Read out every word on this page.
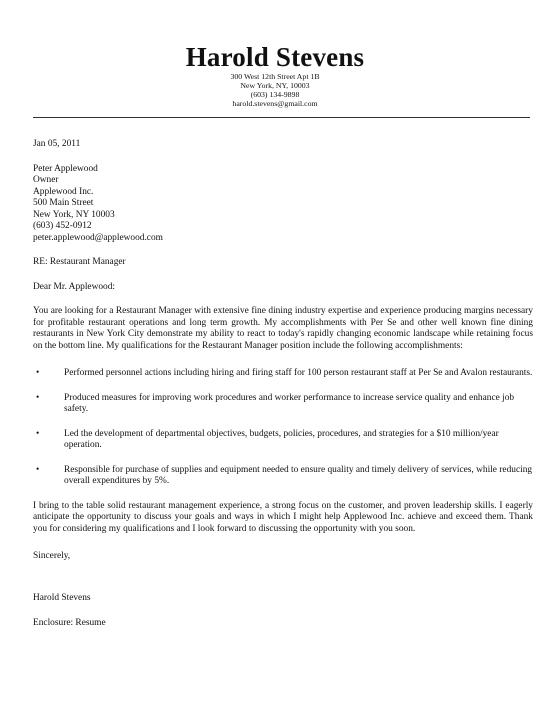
Harold Stevens
300 West 12th Street Apt 1B
New York, NY, 10003
(603) 134-9898
harold.stevens@gmail.com

Jan 05, 2011

Peter Applewood
Owner
Applewood Inc.
500 Main Street
New York, NY 10003
(603) 452-0912
peter.applewood@applewood.com

RE: Restaurant Manager

Dear Mr. Applewood:

You are looking for a Restaurant Manager with extensive fine dining industry expertise and experience producing margins necessary for profitable restaurant operations and long term growth. My accomplishments with Per Se and other well known fine dining restaurants in New York City demonstrate my ability to react to today's rapidly changing economic landscape while retaining focus on the bottom line. My qualifications for the Restaurant Manager position include the following accomplishments:

•	Performed personnel actions including hiring and firing staff for 100 person restaurant staff at Per Se and Avalon restaurants.
•	Produced measures for improving work procedures and worker performance to increase service quality and enhance job safety.
•	Led the development of departmental objectives, budgets, policies, procedures, and strategies for a $10 million/year operation.
•	Responsible for purchase of supplies and equipment needed to ensure quality and timely delivery of services, while reducing overall expenditures by 5%.

I bring to the table solid restaurant management experience, a strong focus on the customer, and proven leadership skills. I eagerly anticipate the opportunity to discuss your goals and ways in which I might help Applewood Inc. achieve and exceed them. Thank you for considering my qualifications and I look forward to discussing the opportunity with you soon.

Sincerely,

Harold Stevens

Enclosure: Resume
